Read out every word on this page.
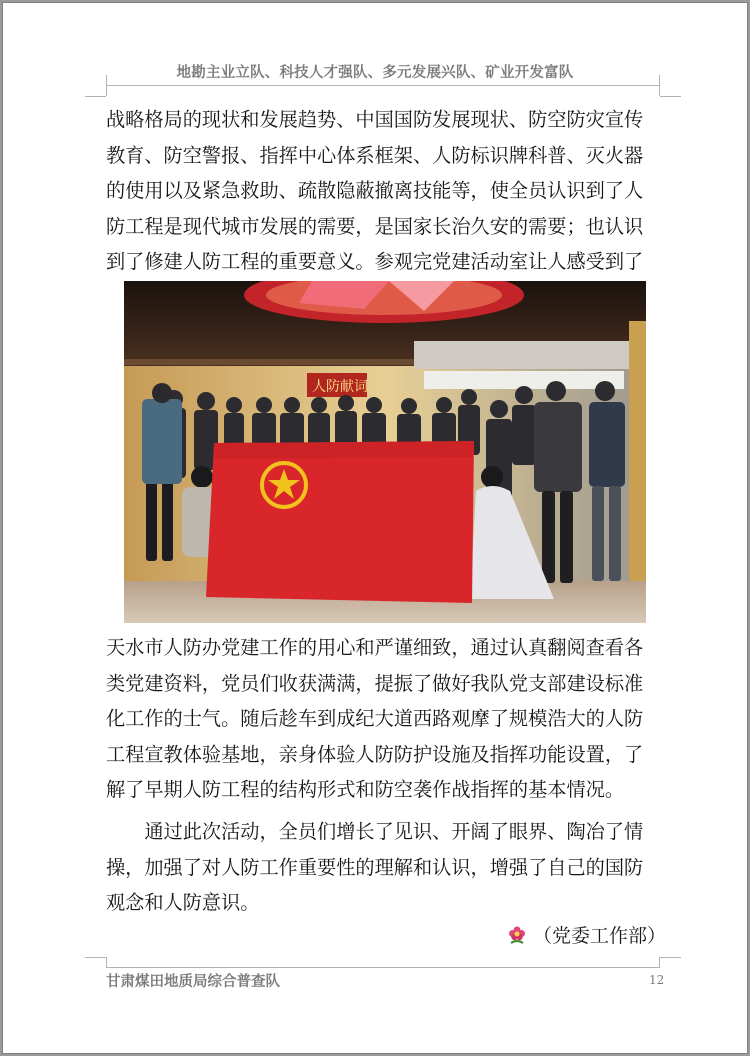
地勘主业立队、科技人才强队、多元发展兴队、矿业开发富队
战略格局的现状和发展趋势、中国国防发展现状、防空防灾宣传
教育、防空警报、指挥中心体系框架、人防标识牌科普、灭火器
的使用以及紧急救助、疏散隐蔽撤离技能等，使全员认识到了人
防工程是现代城市发展的需要，是国家长治久安的需要；也认识
到了修建人防工程的重要意义。参观完党建活动室让人感受到了
人防献词
天水市人防办党建工作的用心和严谨细致，通过认真翻阅查看各
类党建资料，党员们收获满满，提振了做好我队党支部建设标准
化工作的士气。随后趁车到成纪大道西路观摩了规模浩大的人防
工程宣教体验基地，亲身体验人防防护设施及指挥功能设置，了
解了早期人防工程的结构形式和防空袭作战指挥的基本情况。
　　通过此次活动，全员们增长了见识、开阔了眼界、陶冶了情
操，加强了对人防工作重要性的理解和认识，增强了自己的国防
观念和人防意识。
（党委工作部）
甘肃煤田地质局综合普查队	12
